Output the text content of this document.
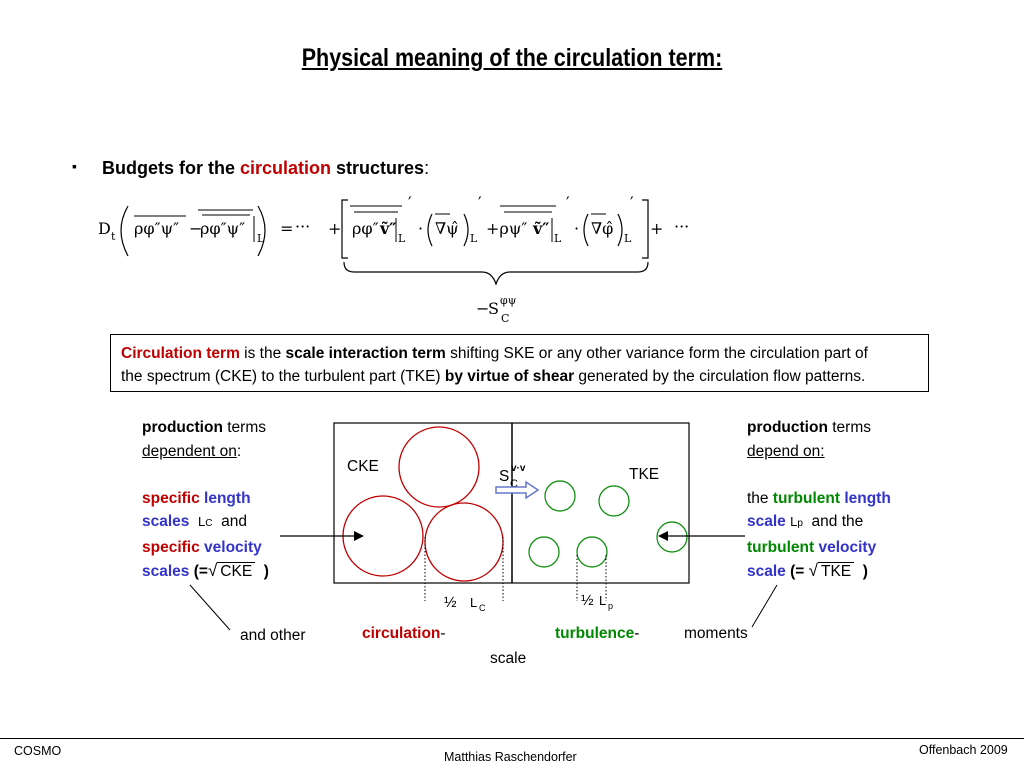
Physical meaning of the circulation term:
▪ Budgets for the circulation structures:
D t ρφ″ψ″ −
ρφ″ψ″
L
= ··· + ρφ″ ṽ″
L
′
· ∇ψ̂
L
′
+ρψ″ ṽ″
L
′
· ∇φ̂
L
′
+ ···
−
S φψ
C
Circulation term is the scale interaction term shifting SKE or any other variance form the circulation part of
the spectrum (CKE) to the turbulent part (TKE) by virtue of shear generated by the circulation flow patterns.
production terms
dependent on:

specific length
scales LC and
specific velocity
scales (=√ CKE )
production terms
depend on:

the turbulent length
scale Lp and the
turbulent velocity
scale (= √ TKE )
CKE	TKE
S v·v
C
½ L C	½ L p
and other	circulation-	turbulence-	moments
scale
COSMO	Matthias Raschendorfer	Offenbach 2009
